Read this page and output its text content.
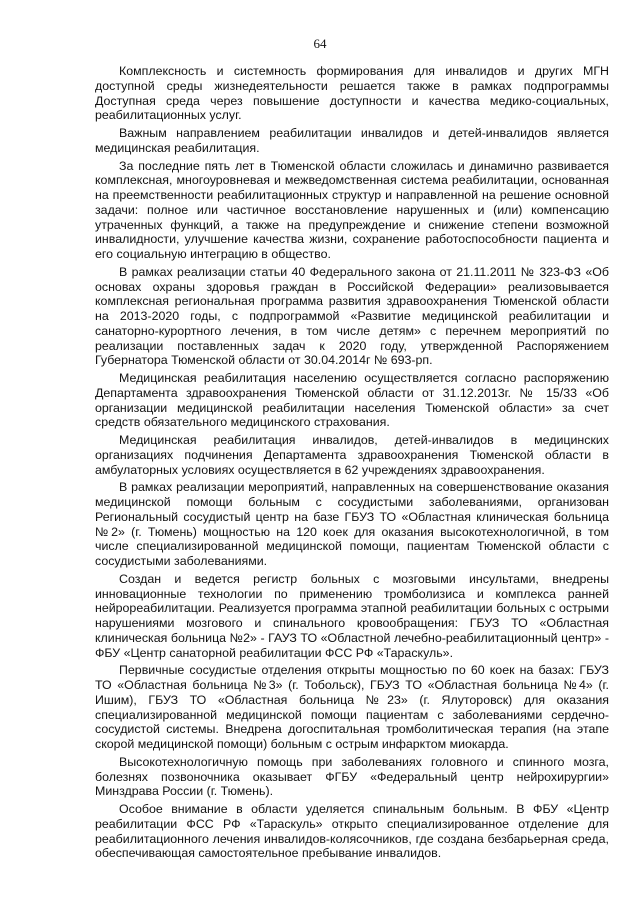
64

Комплексность и системность формирования для инвалидов и других МГН доступной среды жизнедеятельности решается также в рамках подпрограммы Доступная среда через повышение доступности и качества медико-социальных, реабилитационных услуг.

Важным направлением реабилитации инвалидов и детей-инвалидов является медицинская реабилитация.

За последние пять лет в Тюменской области сложилась и динамично развивается комплексная, многоуровневая и межведомственная система реабилитации, основанная на преемственности реабилитационных структур и направленной на решение основной задачи: полное или частичное восстановление нарушенных и (или) компенсацию утраченных функций, а также на предупреждение и снижение степени возможной инвалидности, улучшение качества жизни, сохранение работоспособности пациента и его социальную интеграцию в общество.

В рамках реализации статьи 40 Федерального закона от 21.11.2011 № 323-ФЗ «Об основах охраны здоровья граждан в Российской Федерации» реализовывается комплексная региональная программа развития здравоохранения Тюменской области на 2013-2020 годы, с подпрограммой «Развитие медицинской реабилитации и санаторно-курортного лечения, в том числе детям» с перечнем мероприятий по реализации поставленных задач к 2020 году, утвержденной Распоряжением Губернатора Тюменской области от 30.04.2014г № 693-рп.

Медицинская реабилитация населению осуществляется согласно распоряжению Департамента здравоохранения Тюменской области от 31.12.2013г. № 15/33 «Об организации медицинской реабилитации населения Тюменской области» за счет средств обязательного медицинского страхования.

Медицинская реабилитация инвалидов, детей-инвалидов в медицинских организациях подчинения Департамента здравоохранения Тюменской области в амбулаторных условиях осуществляется в 62 учреждениях здравоохранения.

В рамках реализации мероприятий, направленных на совершенствование оказания медицинской помощи больным с сосудистыми заболеваниями, организован Региональный сосудистый центр на базе ГБУЗ ТО «Областная клиническая больница №2» (г. Тюмень) мощностью на 120 коек для оказания высокотехнологичной, в том числе специализированной медицинской помощи, пациентам Тюменской области с сосудистыми заболеваниями.

Создан и ведется регистр больных с мозговыми инсультами, внедрены инновационные технологии по применению тромболизиса и комплекса ранней нейрореабилитации. Реализуется программа этапной реабилитации больных с острыми нарушениями мозгового и спинального кровообращения: ГБУЗ ТО «Областная клиническая больница №2» - ГАУЗ ТО «Областной лечебно-реабилитационный центр» - ФБУ «Центр санаторной реабилитации ФСС РФ «Тараскуль».

Первичные сосудистые отделения открыты мощностью по 60 коек на базах: ГБУЗ ТО «Областная больница №3» (г. Тобольск), ГБУЗ ТО «Областная больница №4» (г. Ишим), ГБУЗ ТО «Областная больница №23» (г. Ялуторовск) для оказания специализированной медицинской помощи пациентам с заболеваниями сердечно-сосудистой системы. Внедрена догоспитальная тромболитическая терапия (на этапе скорой медицинской помощи) больным с острым инфарктом миокарда.

Высокотехнологичную помощь при заболеваниях головного и спинного мозга, болезнях позвоночника оказывает ФГБУ «Федеральный центр нейрохирургии» Минздрава России (г. Тюмень).

Особое внимание в области уделяется спинальным больным. В ФБУ «Центр реабилитации ФСС РФ «Тараскуль» открыто специализированное отделение для реабилитационного лечения инвалидов-колясочников, где создана безбарьерная среда, обеспечивающая самостоятельное пребывание инвалидов.
